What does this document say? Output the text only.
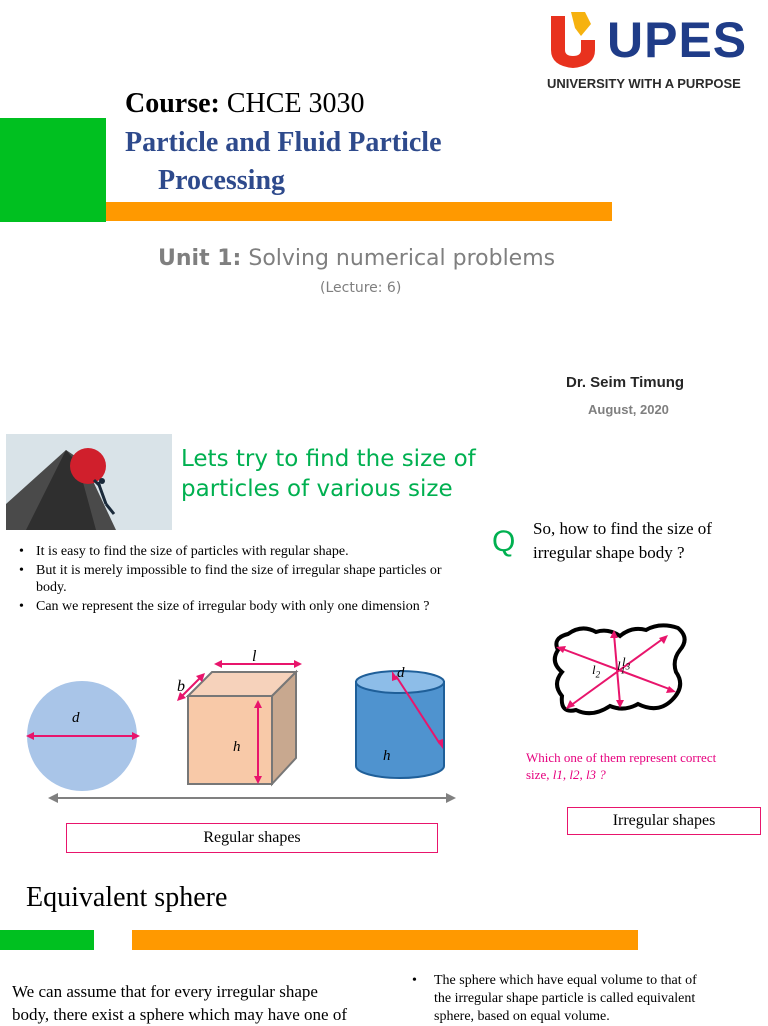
UPES
UNIVERSITY WITH A PURPOSE
Course: CHCE 3030
Particle and Fluid Particle
Processing
Unit 1: Solving numerical problems
(Lecture: 6)
Dr. Seim Timung
August, 2020
Lets try to find the size of
particles of various size
• It is easy to find the size of particles with regular shape.
• But it is merely impossible to find the size of irregular shape particles or body.
• Can we represent the size of irregular body with only one dimension ?
Q So, how to find the size of
irregular shape body ?
d
l
b
h
d
h
Regular shapes
$l_2$
$l_1$
$l_3$
Which one of them represent correct
size, l1, l2, l3 ?
Irregular shapes
Equivalent sphere
We can assume that for every irregular shape
body, there exist a sphere which may have one of
• The sphere which have equal volume to that of
the irregular shape particle is called equivalent
sphere, based on equal volume.
